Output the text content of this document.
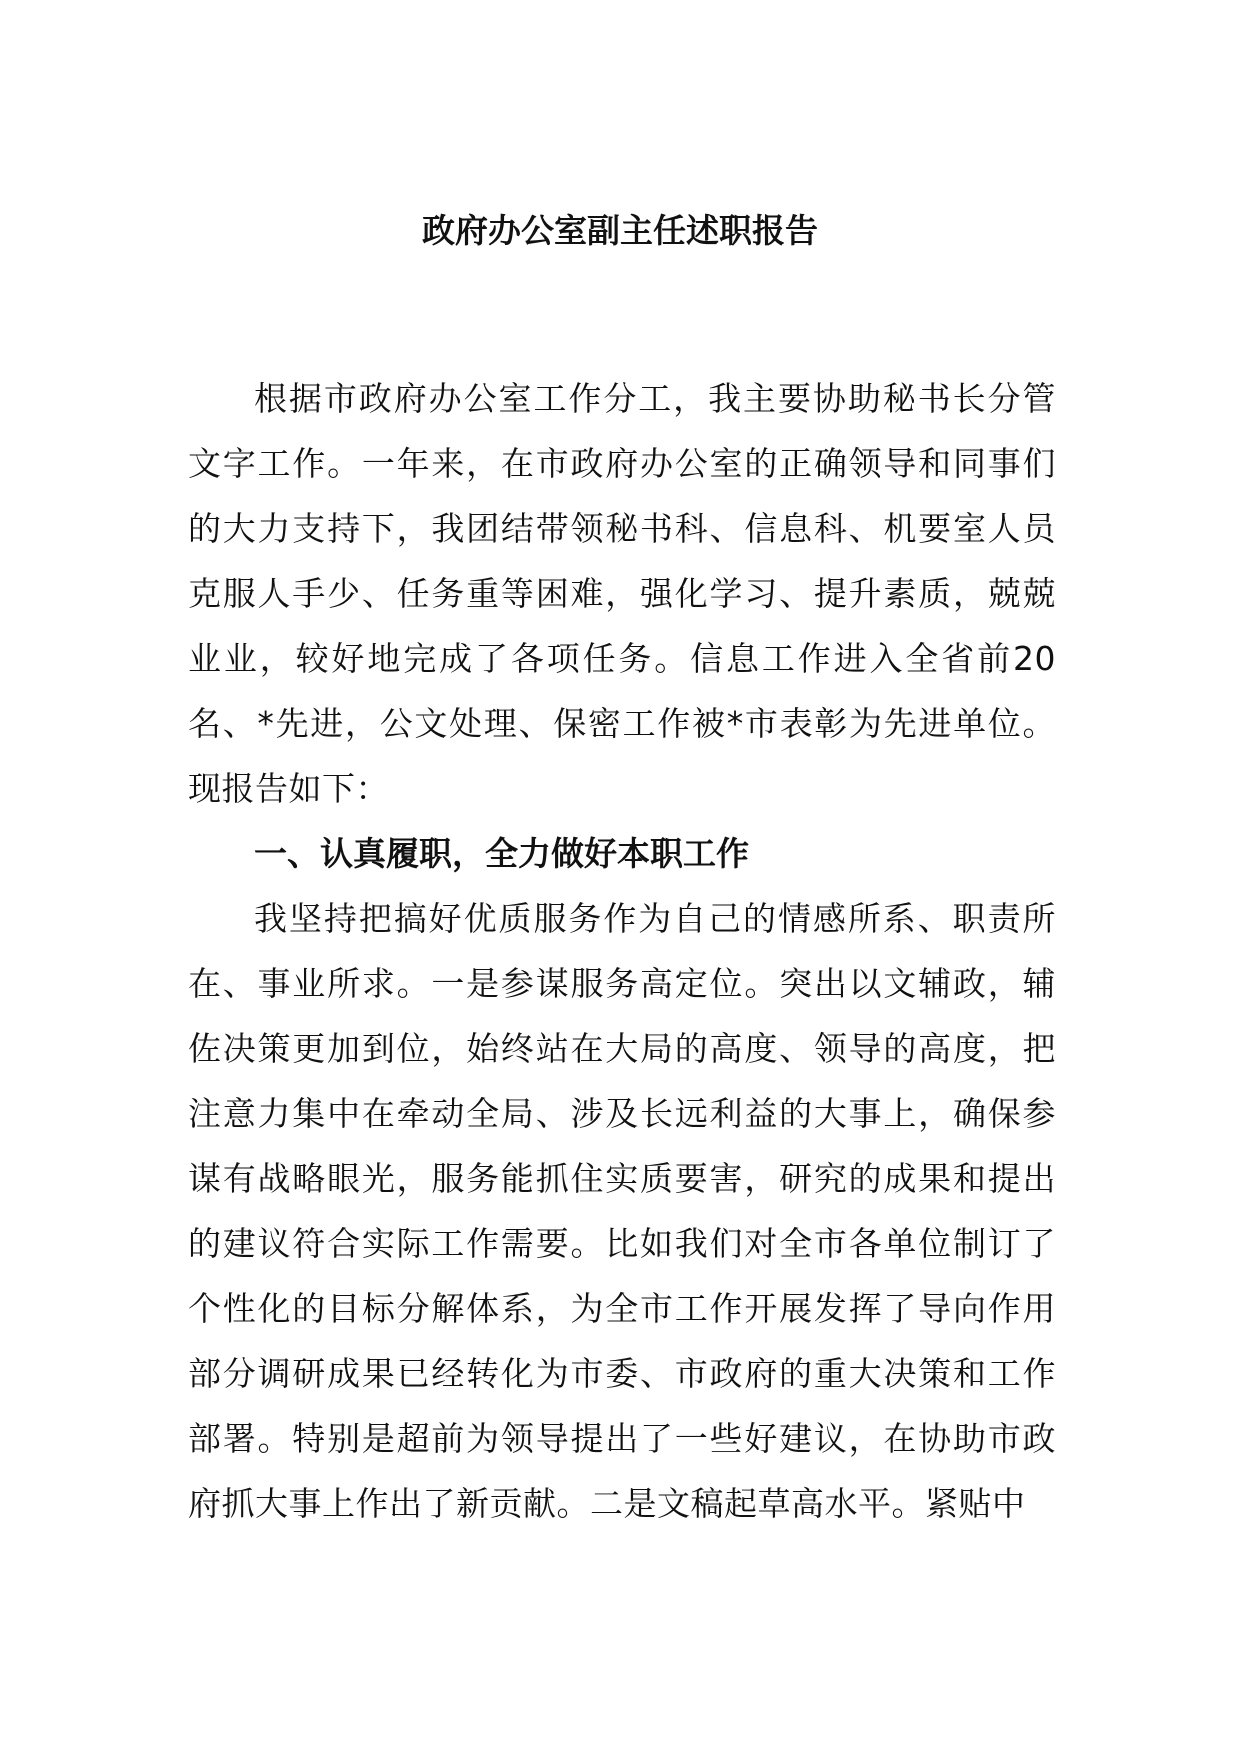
政府办公室副主任述职报告

根据市政府办公室工作分工，我主要协助秘书长分管文字工作。一年来，在市政府办公室的正确领导和同事们的大力支持下，我团结带领秘书科、信息科、机要室人员克服人手少、任务重等困难，强化学习、提升素质，兢兢业业，较好地完成了各项任务。信息工作进入全省前20名、*先进，公文处理、保密工作被*市表彰为先进单位。现报告如下：

一、认真履职，全力做好本职工作

我坚持把搞好优质服务作为自己的情感所系、职责所在、事业所求。一是参谋服务高定位。突出以文辅政，辅佐决策更加到位，始终站在大局的高度、领导的高度，把注意力集中在牵动全局、涉及长远利益的大事上，确保参谋有战略眼光，服务能抓住实质要害，研究的成果和提出的建议符合实际工作需要。比如我们对全市各单位制订了个性化的目标分解体系，为全市工作开展发挥了导向作用部分调研成果已经转化为市委、市政府的重大决策和工作部署。特别是超前为领导提出了一些好建议，在协助市政府抓大事上作出了新贡献。二是文稿起草高水平。紧贴中
